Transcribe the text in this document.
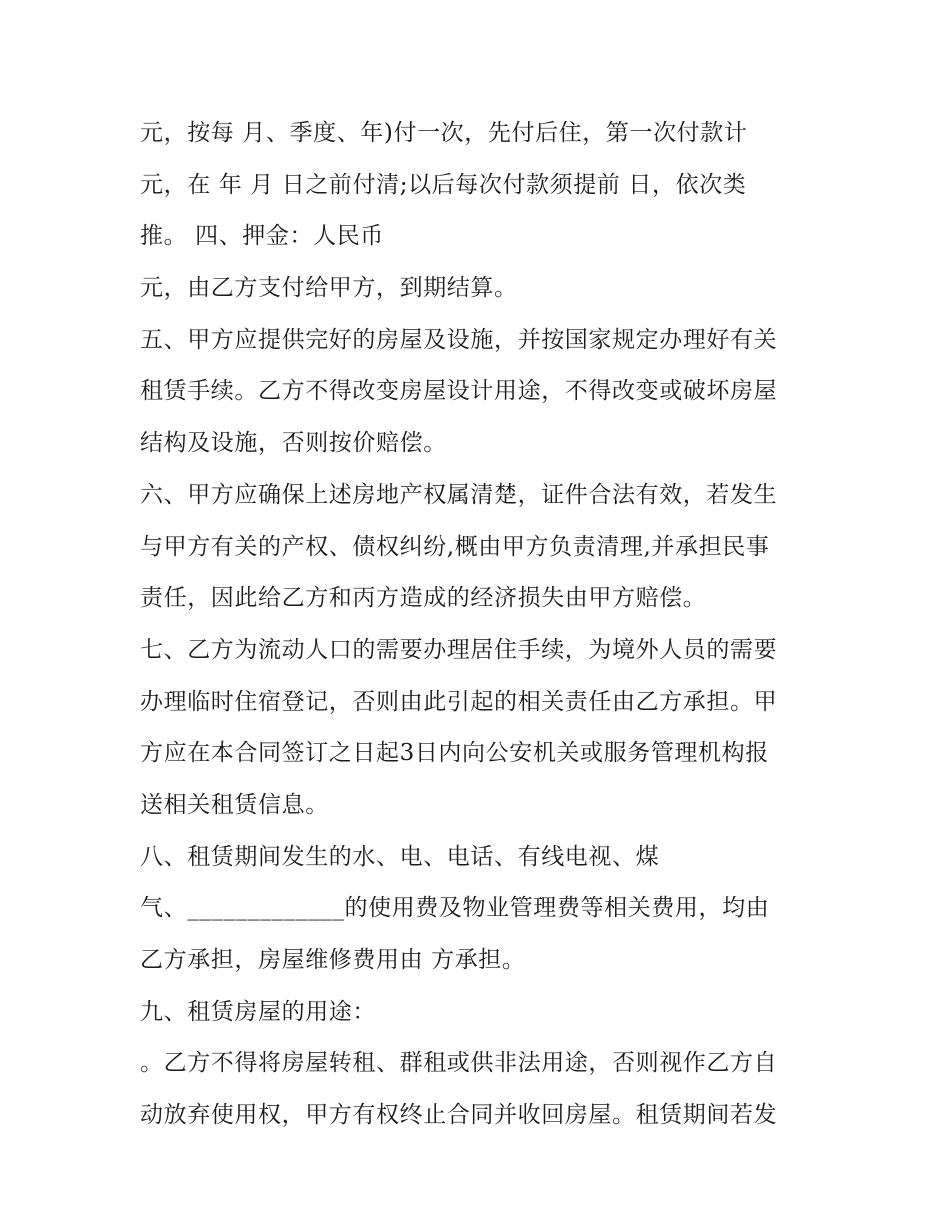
元，按每 月、季度、年)付一次，先付后住，第一次付款计
元，在 年 月 日之前付清;以后每次付款须提前 日，依次类
推。 四、押金：人民币
元，由乙方支付给甲方，到期结算。
五、甲方应提供完好的房屋及设施，并按国家规定办理好有关
租赁手续。乙方不得改变房屋设计用途，不得改变或破坏房屋
结构及设施，否则按价赔偿。
六、甲方应确保上述房地产权属清楚，证件合法有效，若发生
与甲方有关的产权、债权纠纷,概由甲方负责清理,并承担民事
责任，因此给乙方和丙方造成的经济损失由甲方赔偿。
七、乙方为流动人口的需要办理居住手续，为境外人员的需要
办理临时住宿登记，否则由此引起的相关责任由乙方承担。甲
方应在本合同签订之日起3日内向公安机关或服务管理机构报
送相关租赁信息。
八、租赁期间发生的水、电、电话、有线电视、煤
气、_____________的使用费及物业管理费等相关费用，均由
乙方承担，房屋维修费用由 方承担。
九、租赁房屋的用途：
。乙方不得将房屋转租、群租或供非法用途，否则视作乙方自
动放弃使用权，甲方有权终止合同并收回房屋。租赁期间若发
